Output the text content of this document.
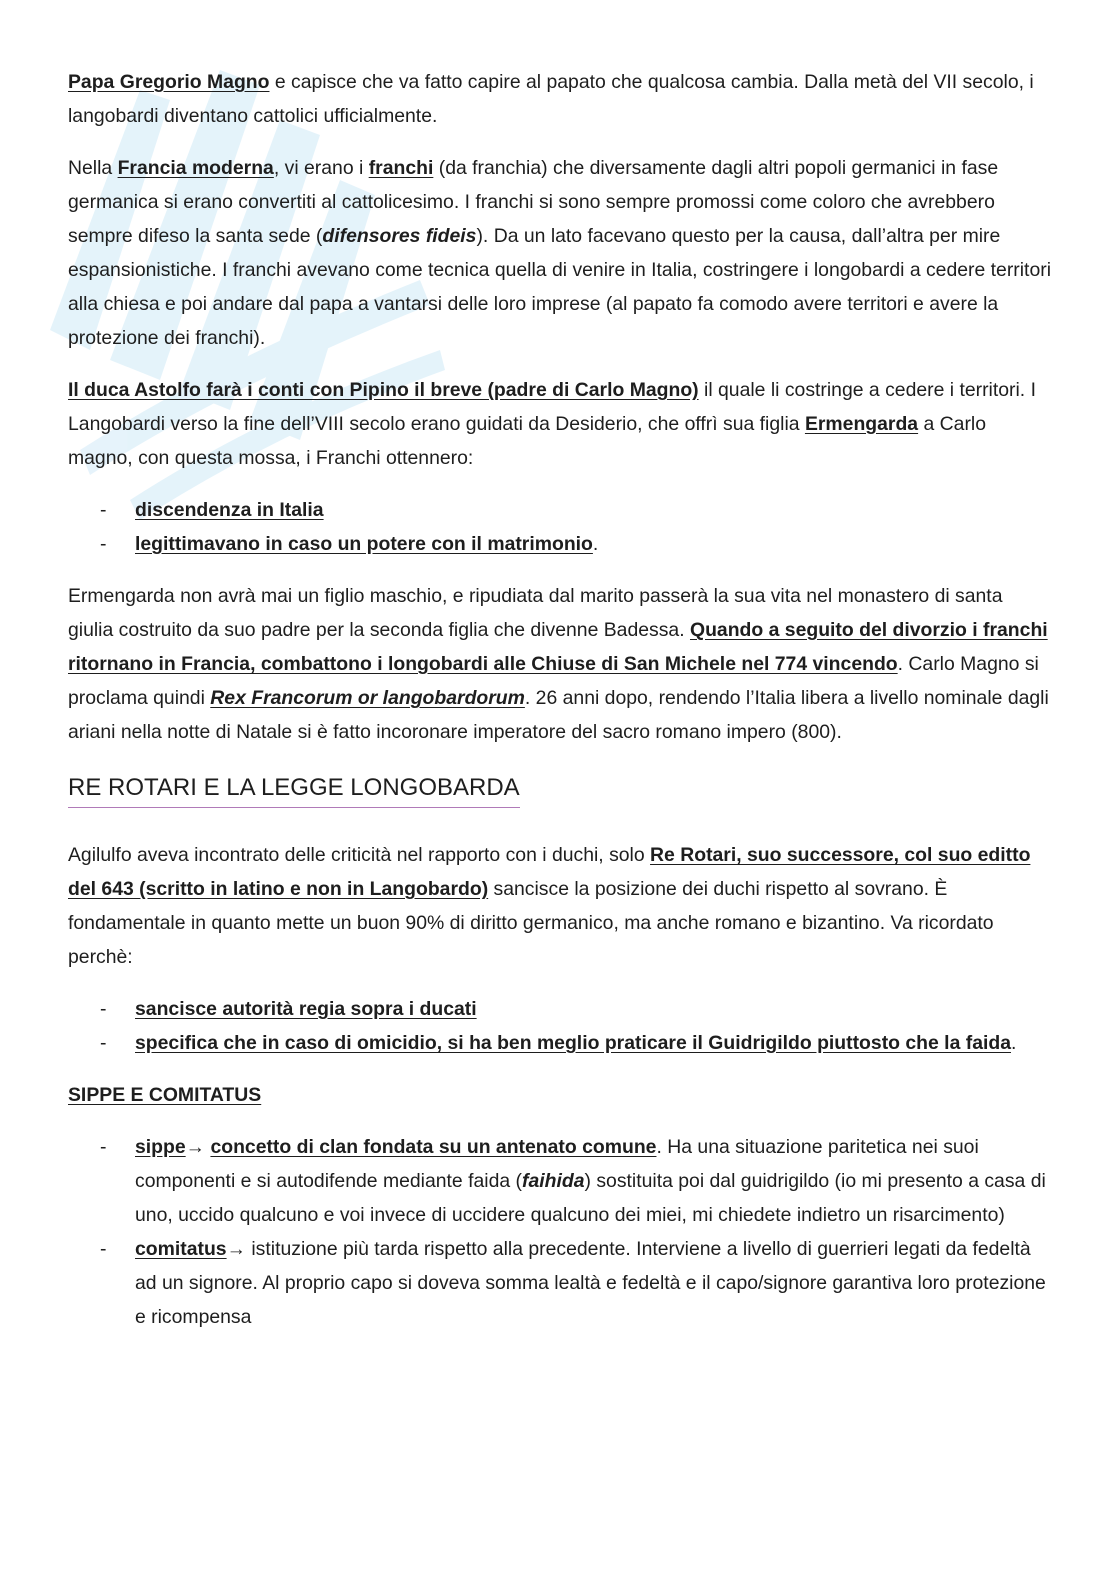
Papa Gregorio Magno e capisce che va fatto capire al papato che qualcosa cambia. Dalla metà del VII secolo, i langobardi diventano cattolici ufficialmente.

Nella Francia moderna, vi erano i franchi (da franchia) che diversamente dagli altri popoli germanici in fase germanica si erano convertiti al cattolicesimo. I franchi si sono sempre promossi come coloro che avrebbero sempre difeso la santa sede (difensores fideis). Da un lato facevano questo per la causa, dall’altra per mire espansionistiche. I franchi avevano come tecnica quella di venire in Italia, costringere i longobardi a cedere territori alla chiesa e poi andare dal papa a vantarsi delle loro imprese (al papato fa comodo avere territori e avere la protezione dei franchi).

Il duca Astolfo farà i conti con Pipino il breve (padre di Carlo Magno) il quale li costringe a cedere i territori. I Langobardi verso la fine dell’VIII secolo erano guidati da Desiderio, che offrì sua figlia Ermengarda a Carlo magno, con questa mossa, i Franchi ottennero:

- discendenza in Italia
- legittimavano in caso un potere con il matrimonio.

Ermengarda non avrà mai un figlio maschio, e ripudiata dal marito passerà la sua vita nel monastero di santa giulia costruito da suo padre per la seconda figlia che divenne Badessa. Quando a seguito del divorzio i franchi ritornano in Francia, combattono i longobardi alle Chiuse di San Michele nel 774 vincendo. Carlo Magno si proclama quindi Rex Francorum or langobardorum. 26 anni dopo, rendendo l’Italia libera a livello nominale dagli ariani nella notte di Natale si è fatto incoronare imperatore del sacro romano impero (800).

RE ROTARI E LA LEGGE LONGOBARDA

Agilulfo aveva incontrato delle criticità nel rapporto con i duchi, solo Re Rotari, suo successore, col suo editto del 643 (scritto in latino e non in Langobardo) sancisce la posizione dei duchi rispetto al sovrano. È fondamentale in quanto mette un buon 90% di diritto germanico, ma anche romano e bizantino. Va ricordato perchè:

- sancisce autorità regia sopra i ducati
- specifica che in caso di omicidio, si ha ben meglio praticare il Guidrigildo piuttosto che la faida.

SIPPE E COMITATUS

- sippe→ concetto di clan fondata su un antenato comune. Ha una situazione paritetica nei suoi componenti e si autodifende mediante faida (faihida) sostituita poi dal guidrigildo (io mi presento a casa di uno, uccido qualcuno e voi invece di uccidere qualcuno dei miei, mi chiedete indietro un risarcimento)
- comitatus→ istituzione più tarda rispetto alla precedente. Interviene a livello di guerrieri legati da fedeltà ad un signore. Al proprio capo si doveva somma lealtà e fedeltà e il capo/signore garantiva loro protezione e ricompensa
